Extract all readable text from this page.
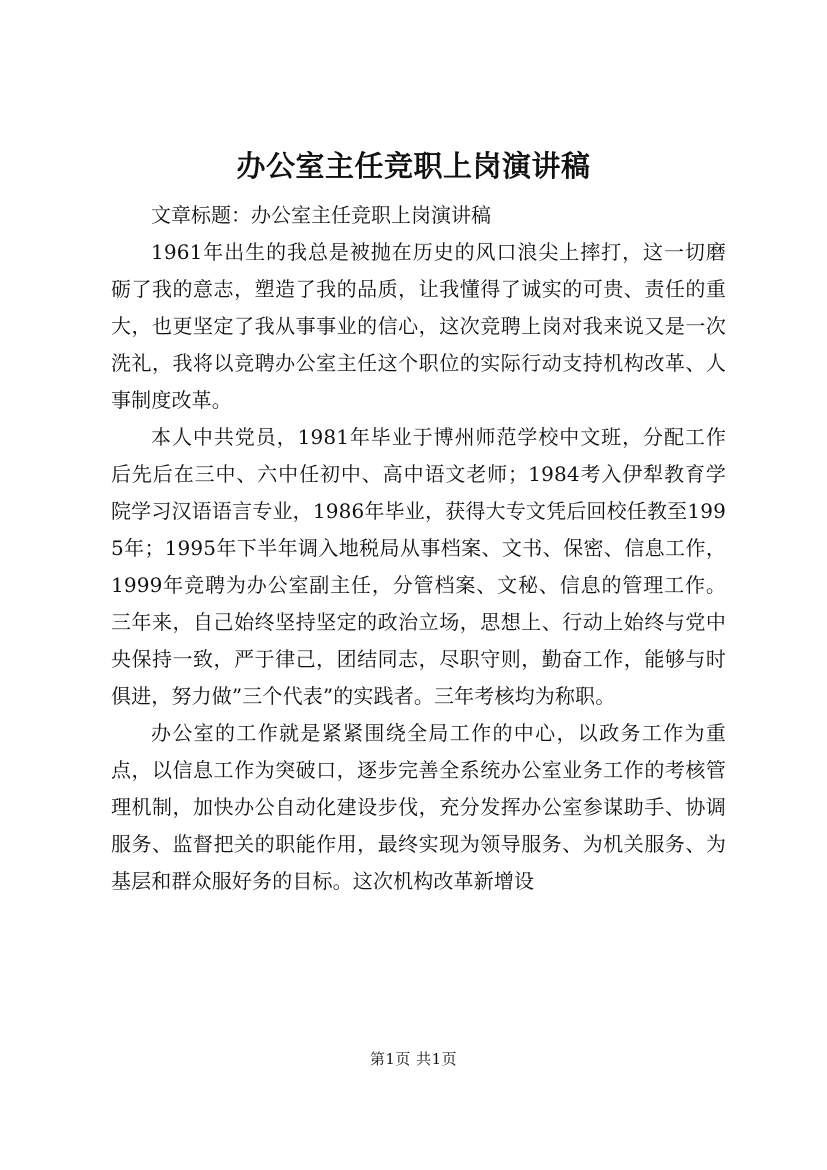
办公室主任竞职上岗演讲稿
文章标题：办公室主任竞职上岗演讲稿

1961年出生的我总是被抛在历史的风口浪尖上摔打，这一切磨砺了我的意志，塑造了我的品质，让我懂得了诚实的可贵、责任的重大，也更坚定了我从事事业的信心，这次竞聘上岗对我来说又是一次洗礼，我将以竞聘办公室主任这个职位的实际行动支持机构改革、人事制度改革。

本人中共党员，1981年毕业于博州师范学校中文班，分配工作后先后在三中、六中任初中、高中语文老师；1984考入伊犁教育学院学习汉语语言专业，1986年毕业，获得大专文凭后回校任教至1995年；1995年下半年调入地税局从事档案、文书、保密、信息工作，1999年竞聘为办公室副主任，分管档案、文秘、信息的管理工作。三年来，自己始终坚持坚定的政治立场，思想上、行动上始终与党中央保持一致，严于律己，团结同志，尽职守则，勤奋工作，能够与时俱进，努力做”三个代表”的实践者。三年考核均为称职。

办公室的工作就是紧紧围绕全局工作的中心，以政务工作为重点，以信息工作为突破口，逐步完善全系统办公室业务工作的考核管理机制，加快办公自动化建设步伐，充分发挥办公室参谋助手、协调服务、监督把关的职能作用，最终实现为领导服务、为机关服务、为基层和群众服好务的目标。这次机构改革新增设

第1页 共1页
